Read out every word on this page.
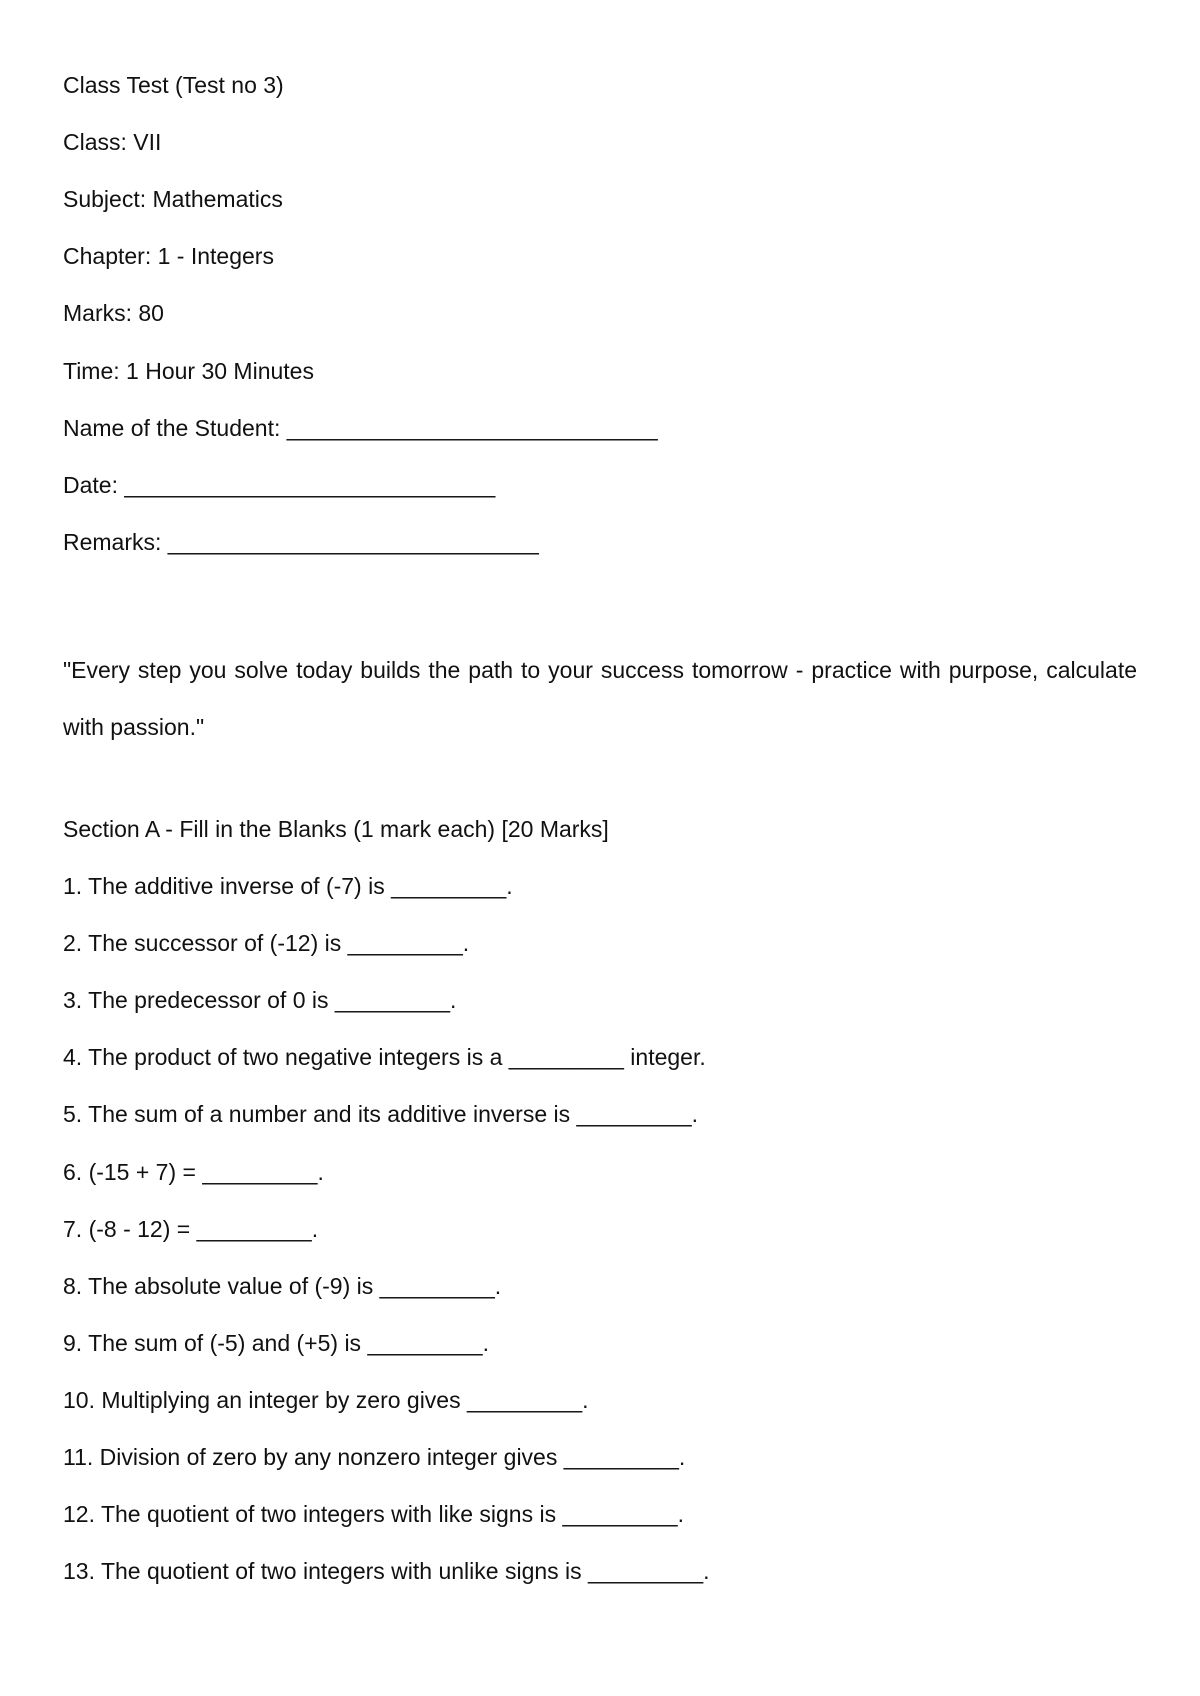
Class Test (Test no 3)
Class: VII
Subject: Mathematics
Chapter: 1 - Integers
Marks: 80
Time: 1 Hour 30 Minutes
Name of the Student: _____________________________
Date: _____________________________
Remarks: _____________________________
"Every step you solve today builds the path to your success tomorrow - practice with purpose, calculate with passion."
Section A - Fill in the Blanks (1 mark each) [20 Marks]
1. The additive inverse of (-7) is _________.
2. The successor of (-12) is _________.
3. The predecessor of 0 is _________.
4. The product of two negative integers is a _________ integer.
5. The sum of a number and its additive inverse is _________.
6. (-15 + 7) = _________.
7. (-8 - 12) = _________.
8. The absolute value of (-9) is _________.
9. The sum of (-5) and (+5) is _________.
10. Multiplying an integer by zero gives _________.
11. Division of zero by any nonzero integer gives _________.
12. The quotient of two integers with like signs is _________.
13. The quotient of two integers with unlike signs is _________.
